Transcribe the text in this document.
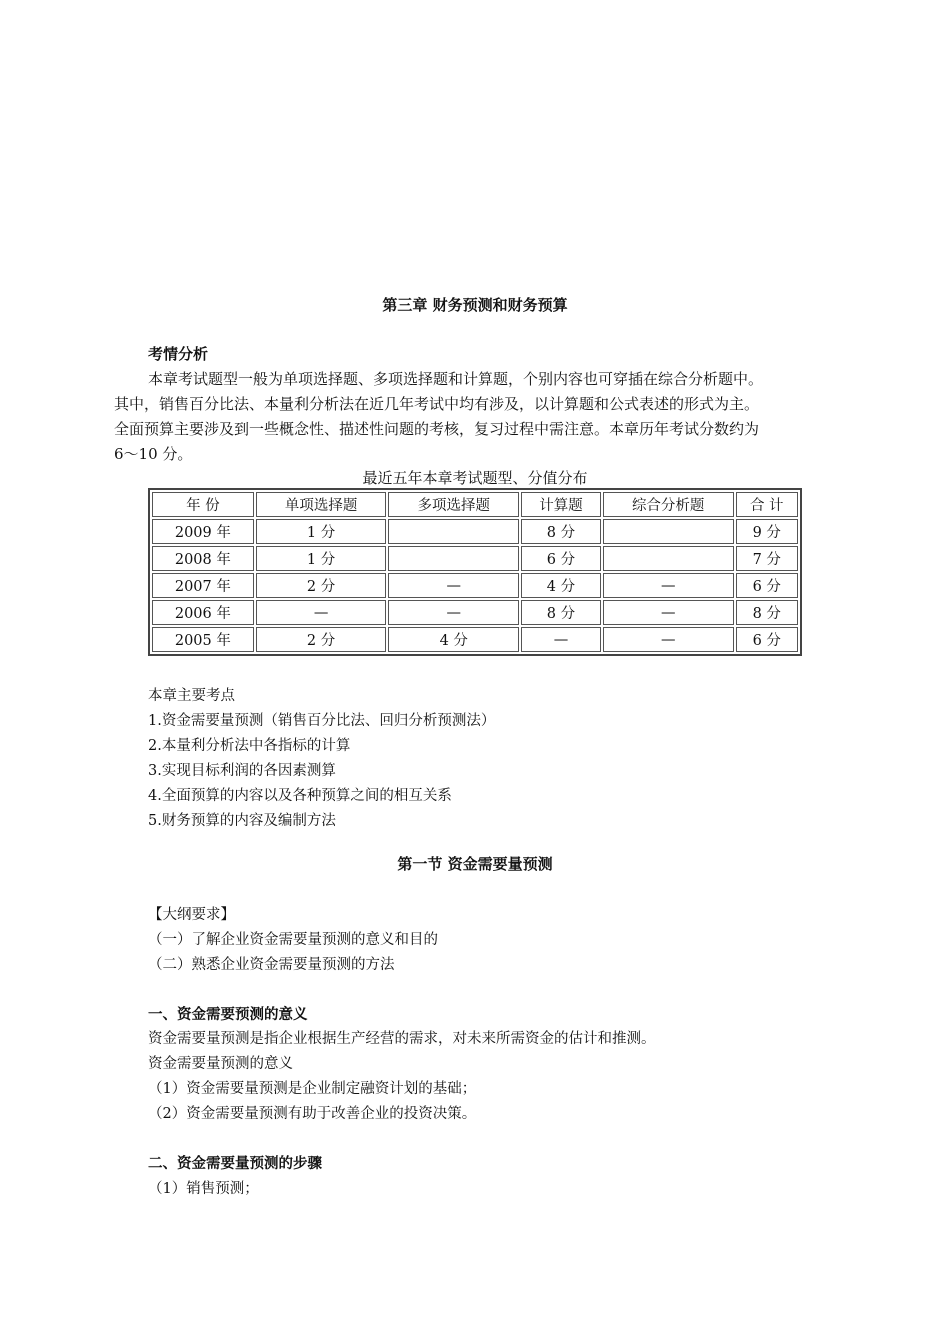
第三章 财务预测和财务预算
考情分析
本章考试题型一般为单项选择题、多项选择题和计算题，个别内容也可穿插在综合分析题中。
其中，销售百分比法、本量利分析法在近几年考试中均有涉及，以计算题和公式表述的形式为主。
全面预算主要涉及到一些概念性、描述性问题的考核，复习过程中需注意。本章历年考试分数约为
6～10 分。
最近五年本章考试题型、分值分布
年 份	单项选择题	多项选择题	计算题	综合分析题	合 计
2009 年	1 分		8 分		9 分
2008 年	1 分		6 分		7 分
2007 年	2 分	—	4 分	—	6 分
2006 年	—	—	8 分	—	8 分
2005 年	2 分	4 分	—	—	6 分
本章主要考点
1.资金需要量预测（销售百分比法、回归分析预测法）
2.本量利分析法中各指标的计算
3.实现目标利润的各因素测算
4.全面预算的内容以及各种预算之间的相互关系
5.财务预算的内容及编制方法
第一节 资金需要量预测
【大纲要求】
（一）了解企业资金需要量预测的意义和目的
（二）熟悉企业资金需要量预测的方法
一、资金需要预测的意义
资金需要量预测是指企业根据生产经营的需求，对未来所需资金的估计和推测。
资金需要量预测的意义
（1）资金需要量预测是企业制定融资计划的基础；
（2）资金需要量预测有助于改善企业的投资决策。
二、资金需要量预测的步骤
（1）销售预测；
